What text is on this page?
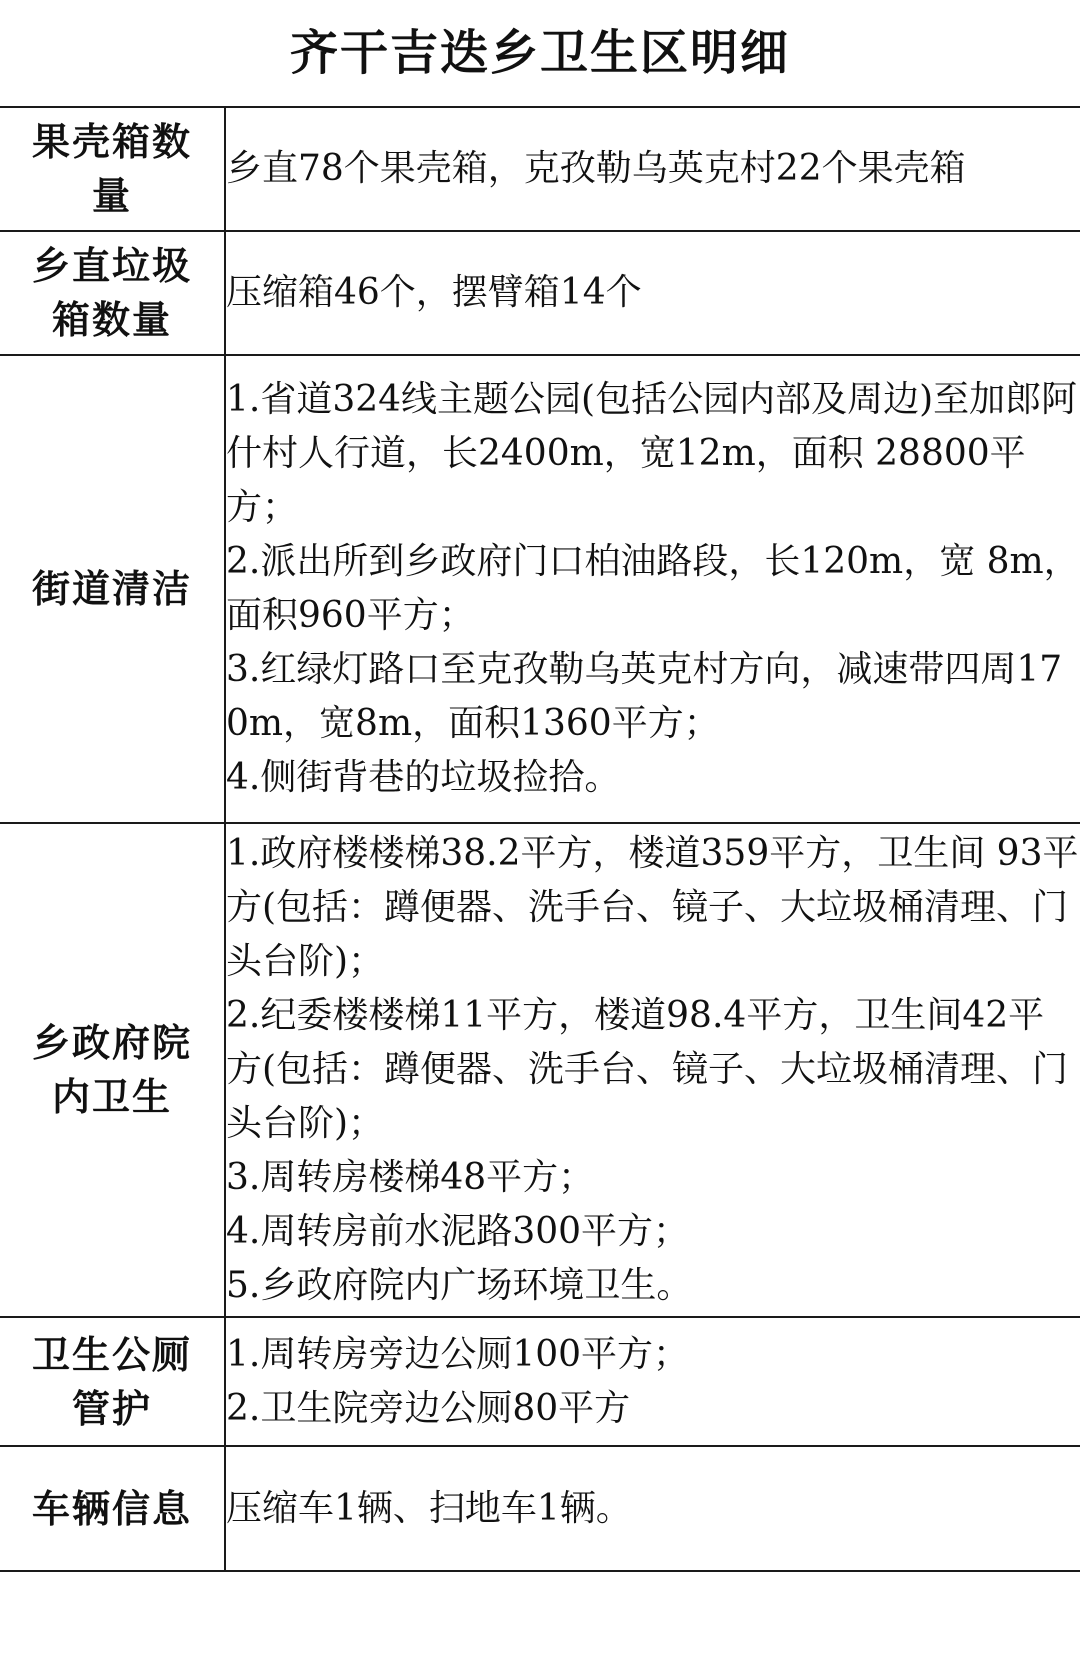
齐干吉迭乡卫生区明细
果壳箱数量	乡直78个果壳箱，克孜勒乌英克村22个果壳箱

乡直垃圾箱数量	压缩箱46个，摆臂箱14个

街道清洁	1.省道324线主题公园(包括公园内部及周边)至加郎阿什村人行道，长2400m，宽12m，面积 28800平方；
2.派出所到乡政府门口柏油路段，长120m，宽 8m，面积960平方；
3.红绿灯路口至克孜勒乌英克村方向，减速带四周170m，宽8m，面积1360平方；
4.侧街背巷的垃圾捡拾。

乡政府院内卫生	1.政府楼楼梯38.2平方，楼道359平方，卫生间 93平方(包括：蹲便器、洗手台、镜子、大垃圾桶清理、门头台阶)；
2.纪委楼楼梯11平方，楼道98.4平方，卫生间42平方(包括：蹲便器、洗手台、镜子、大垃圾桶清理、门头台阶)；
3.周转房楼梯48平方；
4.周转房前水泥路300平方；
5.乡政府院内广场环境卫生。

卫生公厕管护	1.周转房旁边公厕100平方；
2.卫生院旁边公厕80平方

车辆信息	压缩车1辆、扫地车1辆。
